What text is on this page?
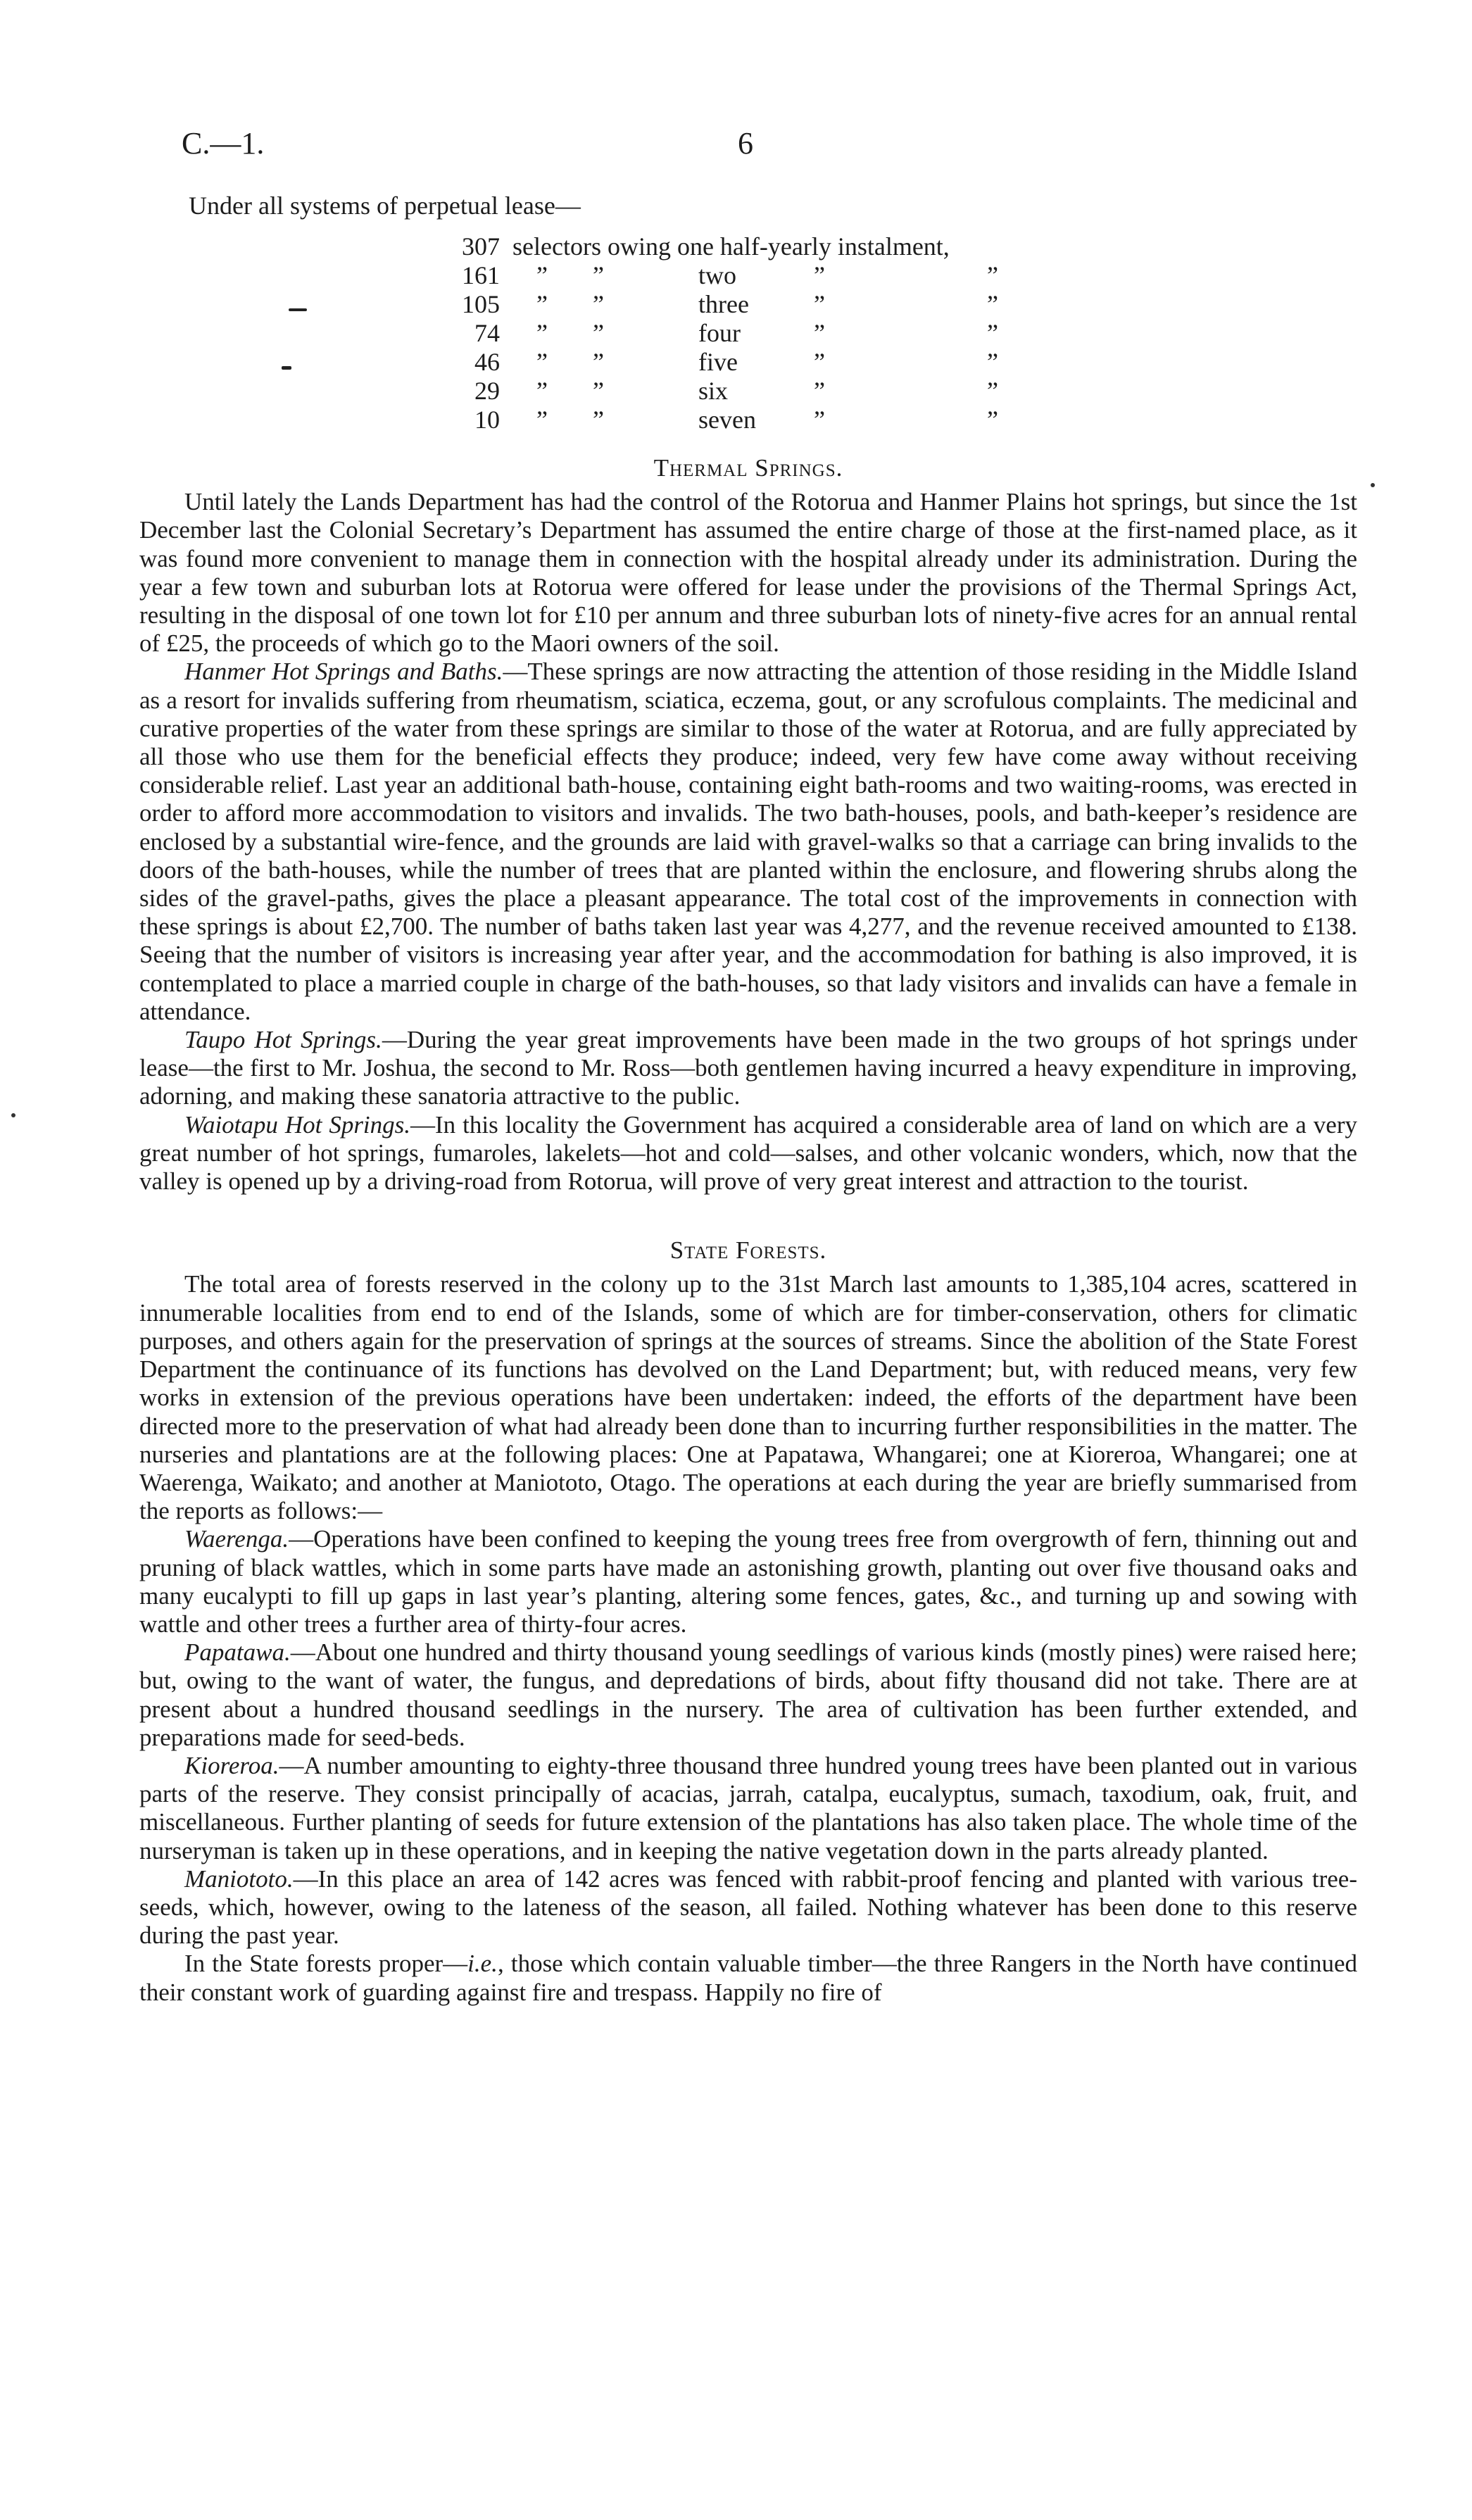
C.—1.	6
Under all systems of perpetual lease—
307 selectors owing one half-yearly instalment,
161 ” ”	two	”	”
105 ” ”	three	”	”
74 ” ”	four	”	”
46 ” ”	five	”	”
29 ” ”	six	”	”
10 ” ”	seven ”	”
Thermal Springs.

Until lately the Lands Department has had the control of the Rotorua and Hanmer Plains hot springs, but since the 1st December last the Colonial Secretary’s Department has assumed the entire charge of those at the first-named place, as it was found more convenient to manage them in connection with the hospital already under its administration. During the year a few town and suburban lots at Rotorua were offered for lease under the provisions of the Thermal Springs Act, resulting in the disposal of one town lot for £10 per annum and three suburban lots of ninety-five acres for an annual rental of £25, the proceeds of which go to the Maori owners of the soil.

Hanmer Hot Springs and Baths.—These springs are now attracting the attention of those residing in the Middle Island as a resort for invalids suffering from rheumatism, sciatica, eczema, gout, or any scrofulous complaints. The medicinal and curative properties of the water from these springs are similar to those of the water at Rotorua, and are fully appreciated by all those who use them for the beneficial effects they produce; indeed, very few have come away without receiving considerable relief. Last year an additional bath-house, containing eight bath-rooms and two waiting-rooms, was erected in order to afford more accommodation to visitors and invalids. The two bath-houses, pools, and bath-keeper’s residence are enclosed by a substantial wire-fence, and the grounds are laid with gravel-walks so that a carriage can bring invalids to the doors of the bath-houses, while the number of trees that are planted within the enclosure, and flowering shrubs along the sides of the gravel-paths, gives the place a pleasant appearance. The total cost of the improvements in connection with these springs is about £2,700. The number of baths taken last year was 4,277, and the revenue received amounted to £138. Seeing that the number of visitors is increasing year after year, and the accommodation for bathing is also improved, it is contemplated to place a married couple in charge of the bath-houses, so that lady visitors and invalids can have a female in attendance.

Taupo Hot Springs.—During the year great improvements have been made in the two groups of hot springs under lease—the first to Mr. Joshua, the second to Mr. Ross—both gentlemen having incurred a heavy expenditure in improving, adorning, and making these sanatoria attractive to the public.

Waiotapu Hot Springs.—In this locality the Government has acquired a considerable area of land on which are a very great number of hot springs, fumaroles, lakelets—hot and cold—salses, and other volcanic wonders, which, now that the valley is opened up by a driving-road from Rotorua, will prove of very great interest and attraction to the tourist.

State Forests.

The total area of forests reserved in the colony up to the 31st March last amounts to 1,385,104 acres, scattered in innumerable localities from end to end of the Islands, some of which are for timber-conservation, others for climatic purposes, and others again for the preservation of springs at the sources of streams. Since the abolition of the State Forest Department the continuance of its functions has devolved on the Land Department; but, with reduced means, very few works in extension of the previous operations have been undertaken: indeed, the efforts of the department have been directed more to the preservation of what had already been done than to incurring further responsibilities in the matter. The nurseries and plantations are at the following places: One at Papatawa, Whangarei; one at Kioreroa, Whangarei; one at Waerenga, Waikato; and another at Maniototo, Otago. The operations at each during the year are briefly summarised from the reports as follows:—

Waerenga.—Operations have been confined to keeping the young trees free from overgrowth of fern, thinning out and pruning of black wattles, which in some parts have made an astonishing growth, planting out over five thousand oaks and many eucalypti to fill up gaps in last year’s planting, altering some fences, gates, &c., and turning up and sowing with wattle and other trees a further area of thirty-four acres.

Papatawa.—About one hundred and thirty thousand young seedlings of various kinds (mostly pines) were raised here; but, owing to the want of water, the fungus, and depredations of birds, about fifty thousand did not take. There are at present about a hundred thousand seedlings in the nursery. The area of cultivation has been further extended, and preparations made for seed-beds.

Kioreroa.—A number amounting to eighty-three thousand three hundred young trees have been planted out in various parts of the reserve. They consist principally of acacias, jarrah, catalpa, eucalyptus, sumach, taxodium, oak, fruit, and miscellaneous. Further planting of seeds for future extension of the plantations has also taken place. The whole time of the nurseryman is taken up in these operations, and in keeping the native vegetation down in the parts already planted.

Maniototo.—In this place an area of 142 acres was fenced with rabbit-proof fencing and planted with various tree-seeds, which, however, owing to the lateness of the season, all failed. Nothing whatever has been done to this reserve during the past year.

In the State forests proper—i.e., those which contain valuable timber—the three Rangers in the North have continued their constant work of guarding against fire and trespass. Happily no fire of
